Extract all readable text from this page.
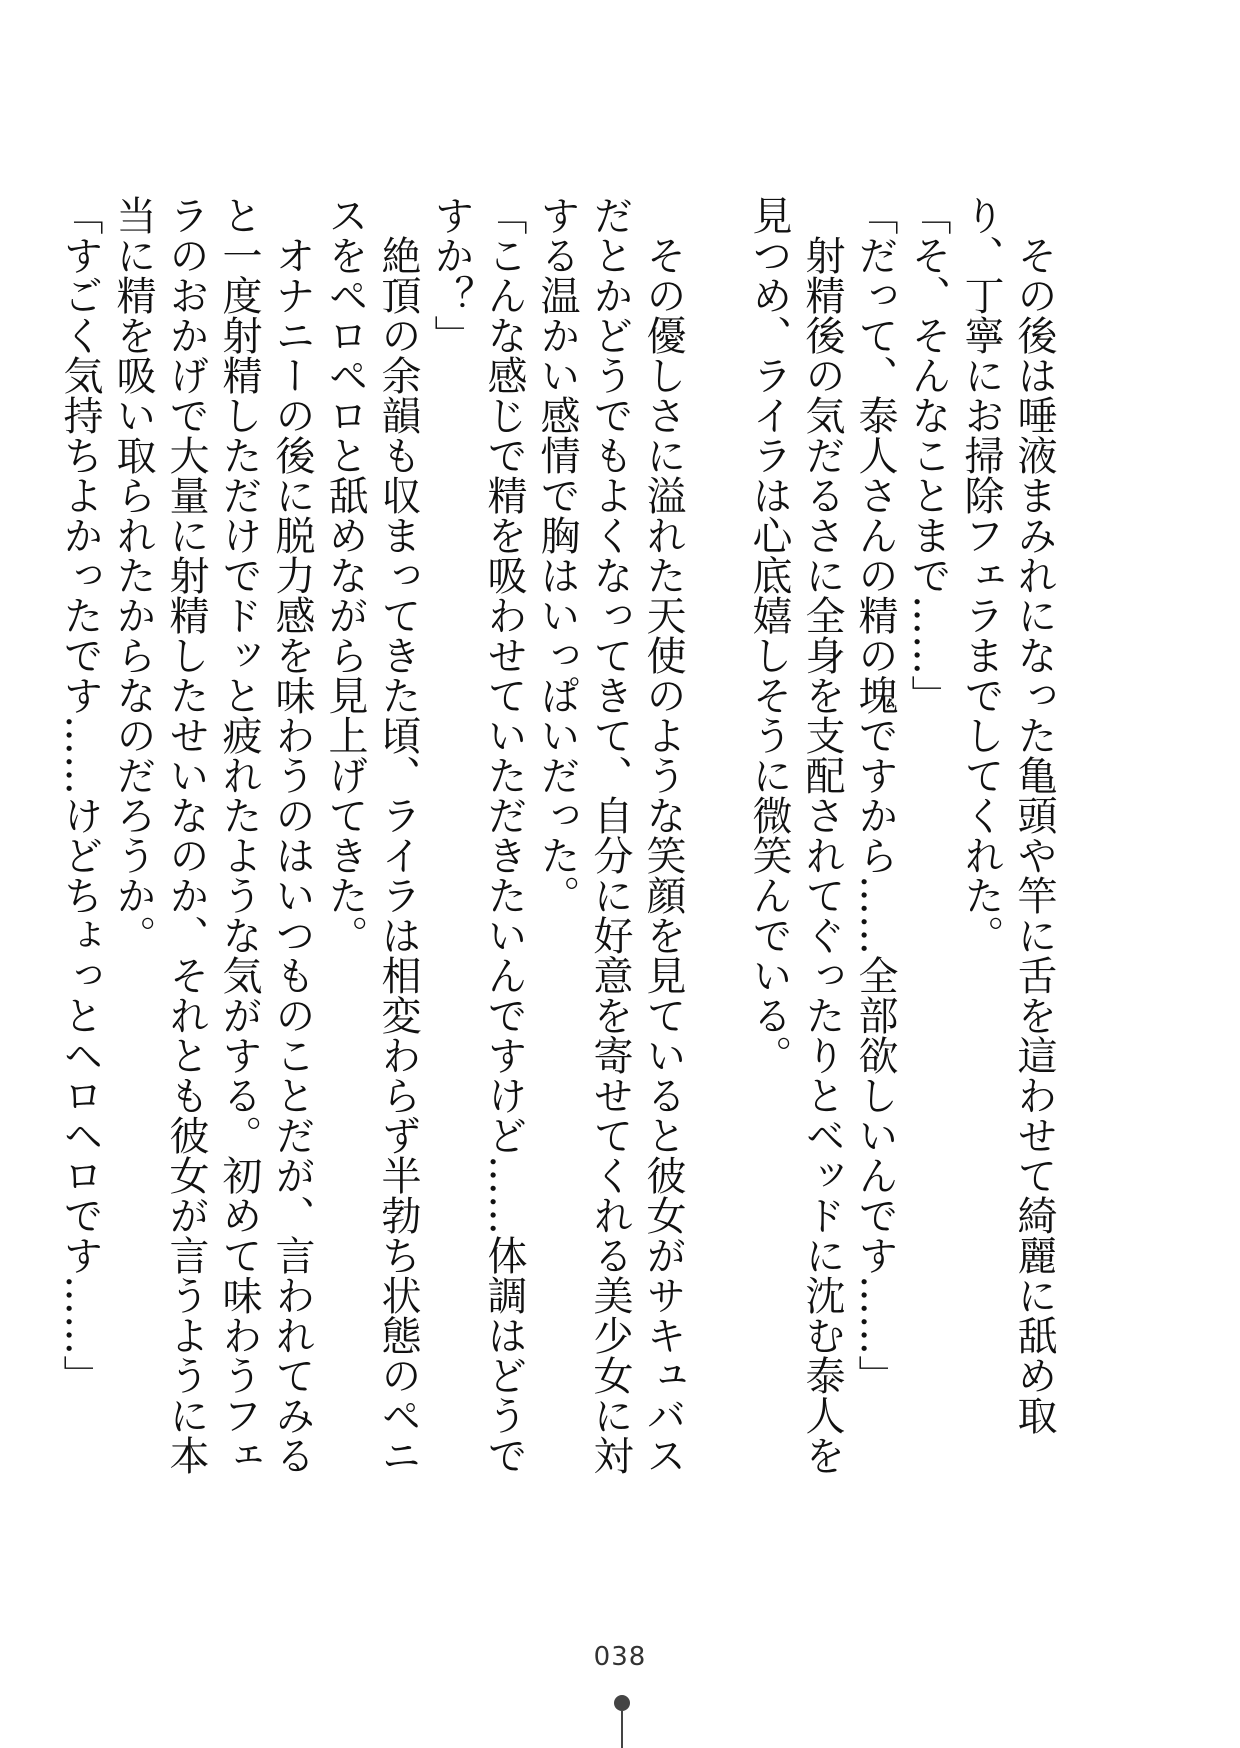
　その後は唾液まみれになった亀頭や竿に舌を這わせて綺麗に舐め取り、丁寧にお掃除フェラまでしてくれた。

「そ、そんなことまで……」

「だって、泰人さんの精の塊ですから……全部欲しいんです……」

　射精後の気だるさに全身を支配されてぐったりとベッドに沈む泰人を見つめ、ライラは心底嬉しそうに微笑んでいる。

　その優しさに溢れた天使のような笑顔を見ていると彼女がサキュバスだとかどうでもよくなってきて、自分に好意を寄せてくれる美少女に対する温かい感情で胸はいっぱいだった。

「こんな感じで精を吸わせていただきたいんですけど……体調はどうですか？」

　絶頂の余韻も収まってきた頃、ライラは相変わらず半勃ち状態のペニスをペロペロと舐めながら見上げてきた。

　オナニーの後に脱力感を味わうのはいつものことだが、言われてみると一度射精しただけでドッと疲れたような気がする。初めて味わうフェラのおかげで大量に射精したせいなのか、それとも彼女が言うように本当に精を吸い取られたからなのだろうか。

「すごく気持ちよかったです……けどちょっとヘロヘロです……」

038
